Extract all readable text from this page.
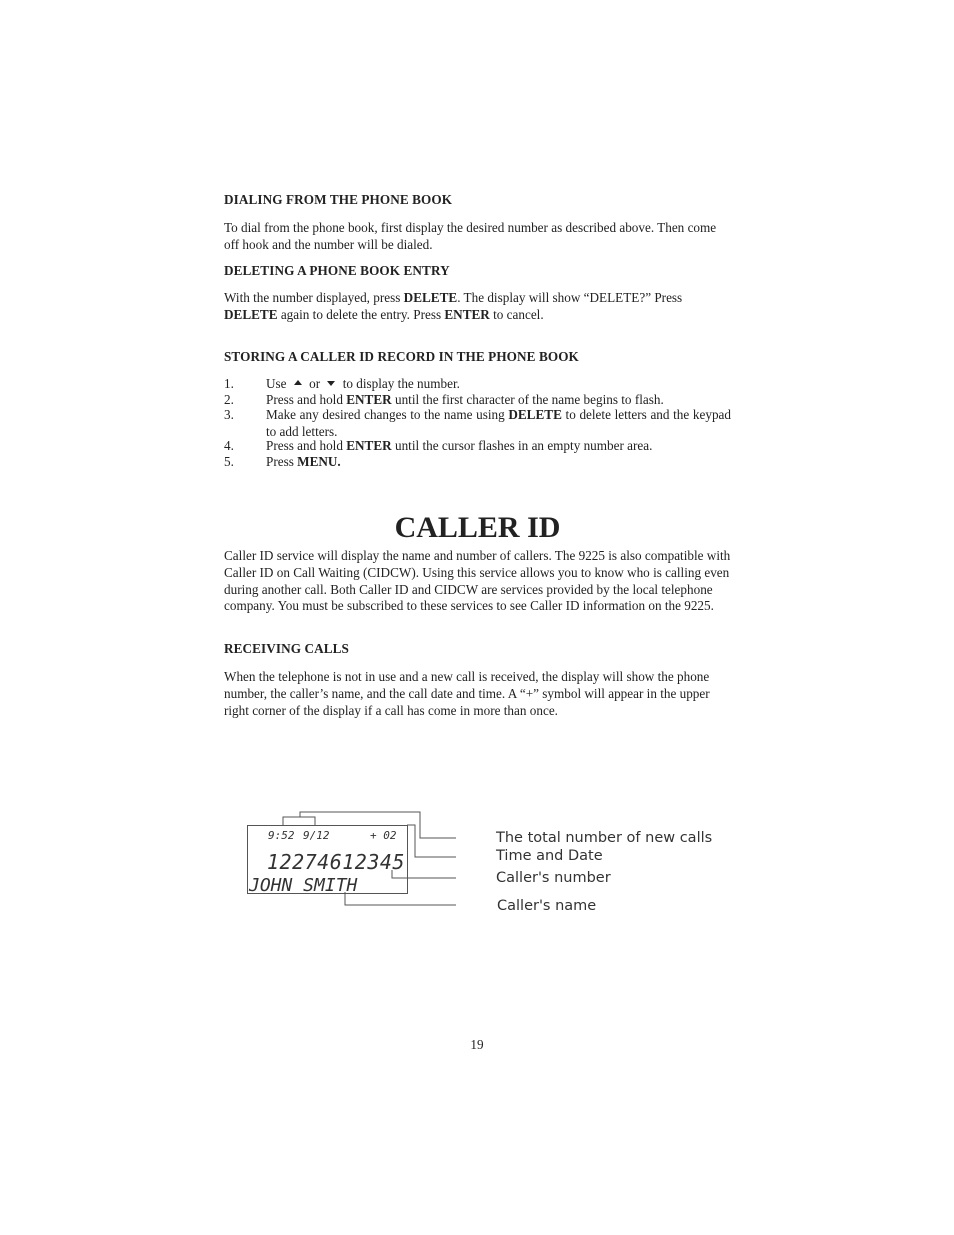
DIALING FROM THE PHONE BOOK
To dial from the phone book, first display the desired number as described above. Then come off hook and the number will be dialed.
DELETING A PHONE BOOK ENTRY
With the number displayed, press DELETE. The display will show “DELETE?” Press DELETE again to delete the entry. Press ENTER to cancel.
STORING A CALLER ID RECORD IN THE PHONE BOOK
1. Use  or  to display the number.
2. Press and hold ENTER until the first character of the name begins to flash.
3. Make any desired changes to the name using DELETE to delete letters and the keypad to add letters.
4. Press and hold ENTER until the cursor flashes in an empty number area.
5. Press MENU.
CALLER ID
Caller ID service will display the name and number of callers. The 9225 is also compatible with Caller ID on Call Waiting (CIDCW). Using this service allows you to know who is calling even during another call. Both Caller ID and CIDCW are services provided by the local telephone company. You must be subscribed to these services to see Caller ID information on the 9225.
RECEIVING CALLS
When the telephone is not in use and a new call is received, the display will show the phone number, the caller’s name, and the call date and time. A “+” symbol will appear in the upper right corner of the display if a call has come in more than once.
9:52 9/12	+ 02
12274612345
JOHN SMITH
The total number of new calls
Time and Date
Caller's number
Caller's name
19
